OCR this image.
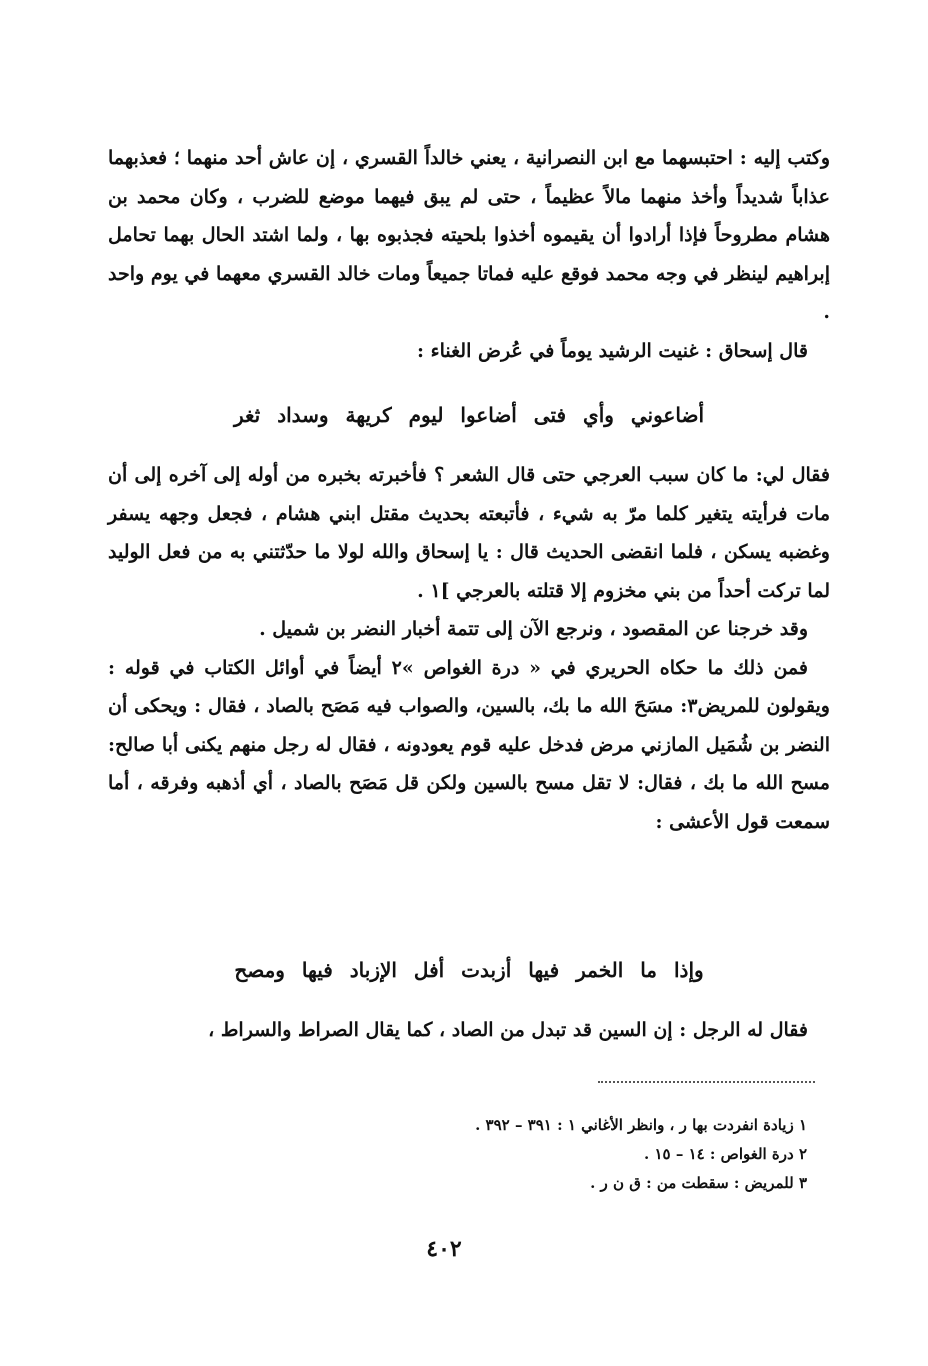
وكتب إليه : احتبسهما مع ابن النصرانية ، يعني خالداً القسري ، إن عاش أحد منهما ؛ فعذبهما عذاباً شديداً وأخذ منهما مالاً عظيماً ، حتى لم يبق فيهما موضع للضرب ، وكان محمد بن هشام مطروحاً فإذا أرادوا أن يقيموه أخذوا بلحيته فجذبوه بها ، ولما اشتد الحال بهما تحامل إبراهيم لينظر في وجه محمد فوقع عليه فماتا جميعاً ومات خالد القسري معهما في يوم واحد .

قال إسحاق : غنيت الرشيد يوماً في عُرض الغناء :

أضاعوني وأي فتى أضاعوا ليوم كريهة وسداد ثغر

فقال لي: ما كان سبب العرجي حتى قال الشعر ؟ فأخبرته بخبره من أوله إلى آخره إلى أن مات فرأيته يتغير كلما مرّ به شيء ، فأتبعته بحديث مقتل ابني هشام ، فجعل وجهه يسفر وغضبه يسكن ، فلما انقضى الحديث قال : يا إسحاق والله لولا ما حدّثتني به من فعل الوليد لما تركت أحداً من بني مخزوم إلا قتلته بالعرجي ]١ .

وقد خرجنا عن المقصود ، ونرجع الآن إلى تتمة أخبار النضر بن شميل .

فمن ذلك ما حكاه الحريري في « درة الغواص »٢ أيضاً في أوائل الكتاب في قوله : ويقولون للمريض٣: مسَحَ الله ما بك، بالسين، والصواب فيه مَصَح بالصاد ، فقال : ويحكى أن النضر بن شُمَيل المازني مرض فدخل عليه قوم يعودونه ، فقال له رجل منهم يكنى أبا صالح: مسح الله ما بك ، فقال: لا تقل مسح بالسين ولكن قل مَصَح بالصاد ، أي أذهبه وفرقه ، أما سمعت قول الأعشى :

وإذا ما الخمر فيها أزبدت أفل الإزباد فيها ومصح

فقال له الرجل : إن السين قد تبدل من الصاد ، كما يقال الصراط والسراط ،

١ زيادة انفردت بها ر ، وانظر الأغاني ١ : ٣٩١ – ٣٩٢ .

٢ درة الغواص : ١٤ – ١٥ .

٣ للمريض : سقطت من : ق ن ر .

٤٠٢
